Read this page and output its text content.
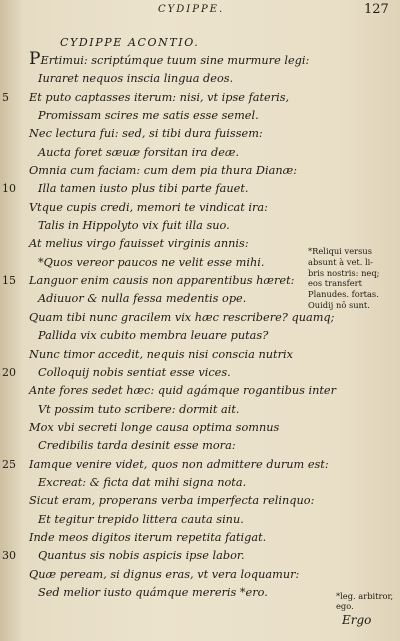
CYDIPPE.	127
CYDIPPE ACONTIO.
PErtimui: scriptúmque tuum sine murmure legi:
Iuraret nequos inscia lingua deos.
5 Et puto captasses iterum: nisi, vt ipse fateris,
Promissam scires me satis esse semel.
Nec lectura fui: sed, si tibi dura fuissem:
Aucta foret sæuæ forsitan ira deæ.
Omnia cum faciam: cum dem pia thura Dianæ:
10 Illa tamen iusto plus tibi parte fauet.
Vtque cupis credi, memori te vindicat ira:
Talis in Hippolyto vix fuit illa suo.
At melius virgo fauisset virginis annis:
*Quos vereor paucos ne velit esse mihi.
15 Languor enim causis non apparentibus hæret:
Adiuuor & nulla fessa medentis ope.
Quam tibi nunc gracilem vix hæc rescribere? quamq;
Pallida vix cubito membra leuare putas?
Nunc timor accedit, nequis nisi conscia nutrix
20 Colloquij nobis sentiat esse vices.
Ante fores sedet hæc: quid agámque rogantibus inter
Vt possim tuto scribere: dormit ait.
Mox vbi secreti longe causa optima somnus
Credibilis tarda desinit esse mora:
25 Iamque venire videt, quos non admittere durum est:
Excreat: & ficta dat mihi signa nota.
Sicut eram, properans verba imperfecta relinquo:
Et tegitur trepido littera cauta sinu.
Inde meos digitos iterum repetita fatigat.
30 Quantus sis nobis aspicis ipse labor.
Quæ peream, si dignus eras, vt vera loquamur:
Sed melior iusto quámque mereris *ero.
*Reliqui versus
absunt à vet. li-
bris nostris: neq;
eos transfert
Planudes. fortas.
Ouidij nō sunt.
*leg. arbitror,
ego.
Ergo
